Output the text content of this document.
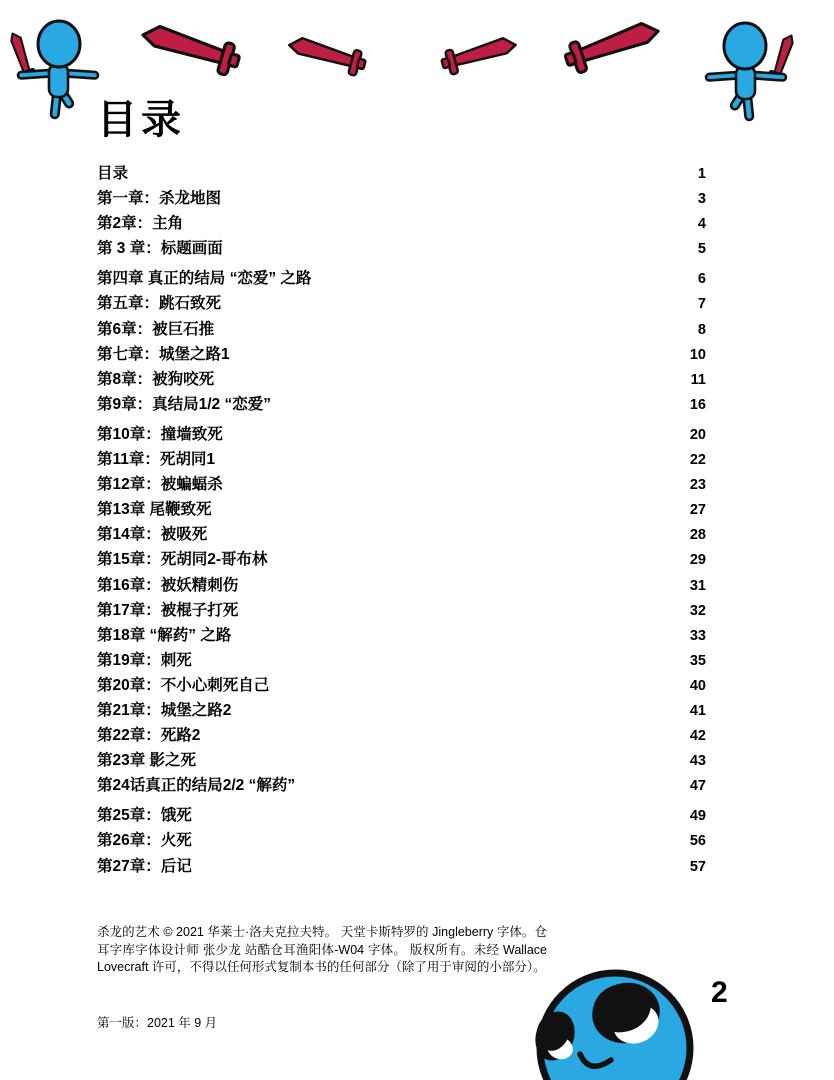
目录
目录	1
第一章：杀龙地图	3
第2章：主角	4
第 3 章：标题画面	5
第四章 真正的结局 “恋爱” 之路	6
第五章：跳石致死	7
第6章：被巨石推	8
第七章：城堡之路1	10
第8章：被狗咬死	11
第9章：真结局1/2 “恋爱”	16
第10章：撞墙致死	20
第11章：死胡同1	22
第12章：被蝙蝠杀	23
第13章 尾鞭致死	27
第14章：被吸死	28
第15章：死胡同2-哥布林	29
第16章：被妖精刺伤	31
第17章：被棍子打死	32
第18章 “解药” 之路	33
第19章：刺死	35
第20章：不小心刺死自己	40
第21章：城堡之路2	41
第22章：死路2	42
第23章 影之死	43
第24话真正的结局2/2 “解药”	47
第25章：饿死	49
第26章：火死	56
第27章：后记	57

杀龙的艺术 © 2021 华莱士·洛夫克拉夫特。 天堂卡斯特罗的 Jingleberry 字体。仓耳字库字体设计师 张少龙 站酷仓耳渔阳体-W04 字体。 版权所有。未经 Wallace Lovecraft 许可，不得以任何形式复制本书的任何部分（除了用于审阅的小部分）。

第一版：2021 年 9 月

2
